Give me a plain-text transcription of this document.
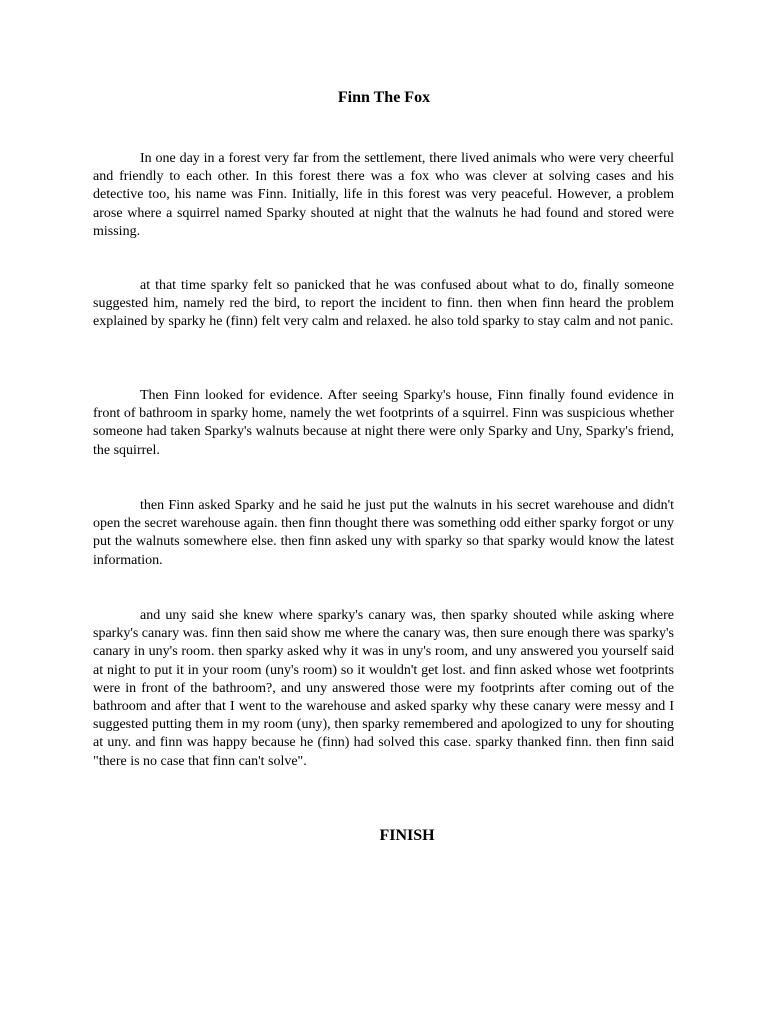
Finn The Fox

In one day in a forest very far from the settlement, there lived animals who were very cheerful and friendly to each other. In this forest there was a fox who was clever at solving cases and his detective too, his name was Finn. Initially, life in this forest was very peaceful. However, a problem arose where a squirrel named Sparky shouted at night that the walnuts he had found and stored were missing.

at that time sparky felt so panicked that he was confused about what to do, finally someone suggested him, namely red the bird, to report the incident to finn. then when finn heard the problem explained by sparky he (finn) felt very calm and relaxed. he also told sparky to stay calm and not panic.

Then Finn looked for evidence. After seeing Sparky's house, Finn finally found evidence in front of bathroom in sparky home, namely the wet footprints of a squirrel. Finn was suspicious whether someone had taken Sparky's walnuts because at night there were only Sparky and Uny, Sparky's friend, the squirrel.

then Finn asked Sparky and he said he just put the walnuts in his secret warehouse and didn't open the secret warehouse again. then finn thought there was something odd either sparky forgot or uny put the walnuts somewhere else. then finn asked uny with sparky so that sparky would know the latest information.

and uny said she knew where sparky's canary was, then sparky shouted while asking where sparky's canary was. finn then said show me where the canary was, then sure enough there was sparky's canary in uny's room. then sparky asked why it was in uny's room, and uny answered you yourself said at night to put it in your room (uny's room) so it wouldn't get lost. and finn asked whose wet footprints were in front of the bathroom?, and uny answered those were my footprints after coming out of the bathroom and after that I went to the warehouse and asked sparky why these canary were messy and I suggested putting them in my room (uny), then sparky remembered and apologized to uny for shouting at uny. and finn was happy because he (finn) had solved this case. sparky thanked finn. then finn said "there is no case that finn can't solve".

FINISH
